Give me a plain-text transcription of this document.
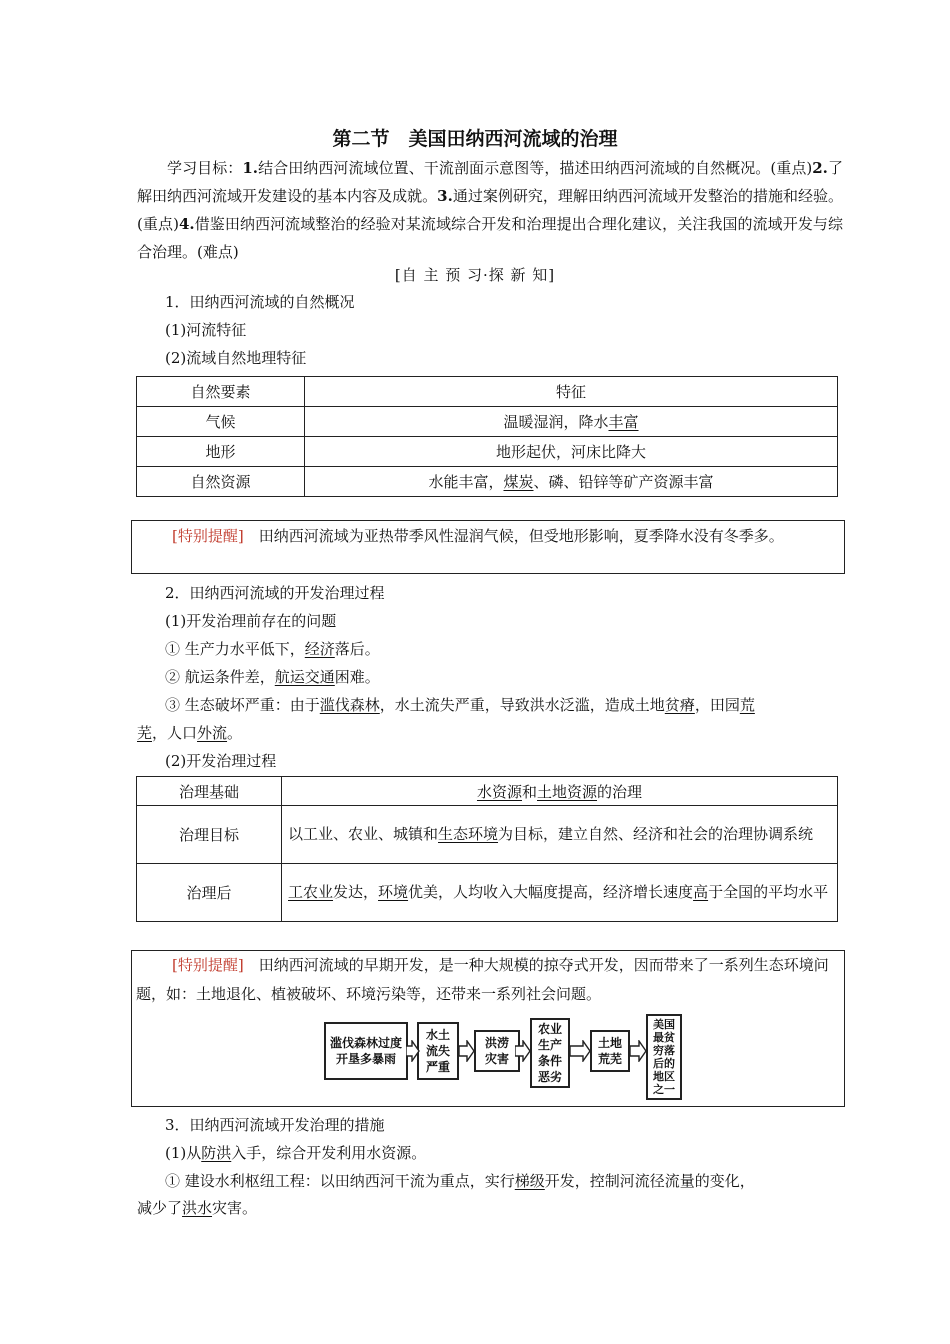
第二节　美国田纳西河流域的治理
学习目标：1.结合田纳西河流域位置、干流剖面示意图等，描述田纳西河流域的自然概况。(重点)2.了解田纳西河流域开发建设的基本内容及成就。3.通过案例研究，理解田纳西河流域开发整治的措施和经验。(重点)4.借鉴田纳西河流域整治的经验对某流域综合开发和治理提出合理化建议，关注我国的流域开发与综合治理。(难点)
[自 主 预 习·探 新 知]
1．田纳西河流域的自然概况
(1)河流特征
(2)流域自然地理特征
自然要素	特征
气候	温暖湿润，降水丰富
地形	地形起伏，河床比降大
自然资源	水能丰富，煤炭、磷、铅锌等矿产资源丰富
[特别提醒]　 田纳西河流域为亚热带季风性湿润气候，但受地形影响，夏季降水没有冬季多。
2．田纳西河流域的开发治理过程
(1)开发治理前存在的问题
① 生产力水平低下，经济落后。
② 航运条件差，航运交通困难。
③ 生态破坏严重：由于滥伐森林，水土流失严重，导致洪水泛滥，造成土地贫瘠，田园荒
芜，人口外流。
(2)开发治理过程
治理基础	水资源和土地资源的治理
治理目标	以工业、农业、城镇和生态环境为目标，建立自然、经济和社会的治理协调系统
治理后	工农业发达，环境优美，人均收入大幅度提高，经济增长速度高于全国的平均水平
[特别提醒]　 田纳西河流域的早期开发，是一种大规模的掠夺式开发，因而带来了一系列生态环境问题，如：土地退化、植被破坏、环境污染等，还带来一系列社会问题。
滥伐森林过度开垦多暴雨
水土流失严重
洪涝灾害
农业生产条件恶劣
土地荒芜
美国最贫穷落后的地区之一
3．田纳西河流域开发治理的措施
(1)从防洪入手，综合开发利用水资源。
① 建设水利枢纽工程：以田纳西河干流为重点，实行梯级开发，控制河流径流量的变化，
减少了洪水灾害。
